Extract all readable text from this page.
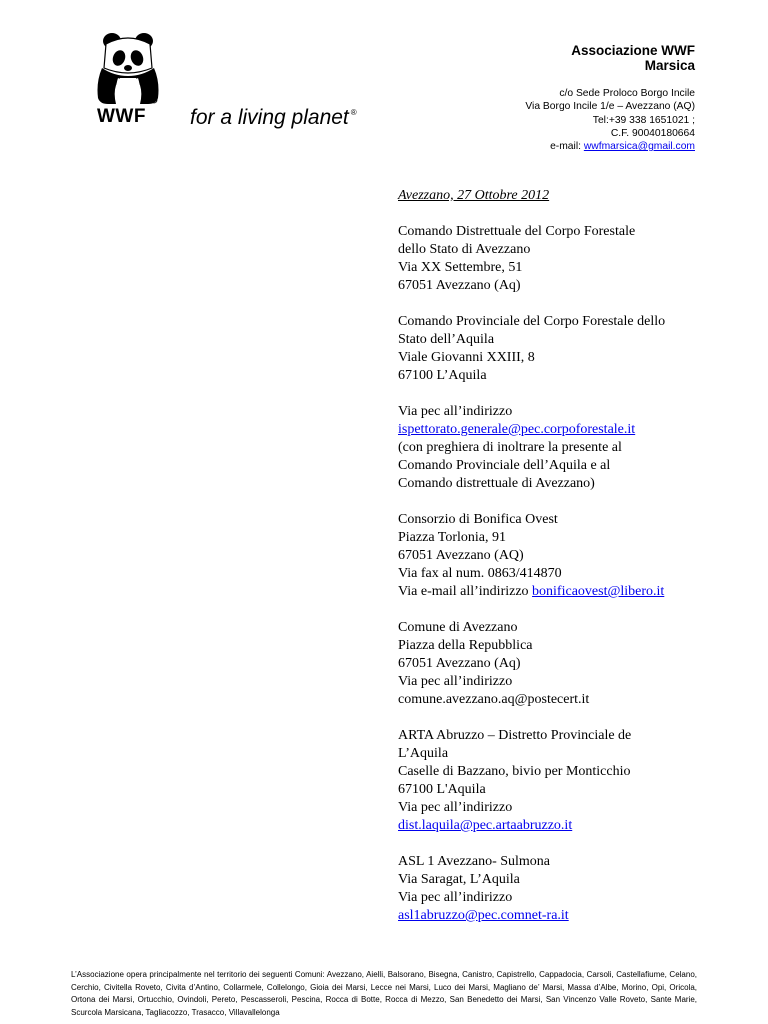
WWF for a living planet ®
Associazione WWF
Marsica
c/o Sede Proloco Borgo Incile
Via Borgo Incile 1/e – Avezzano (AQ)
Tel:+39 338 1651021 ;
C.F. 90040180664
e-mail: wwfmarsica@gmail.com
Avezzano, 27 Ottobre 2012
Comando Distrettuale del Corpo Forestale
dello Stato di Avezzano
Via XX Settembre, 51
67051 Avezzano (Aq)
Comando Provinciale del Corpo Forestale dello
Stato dell’Aquila
Viale Giovanni XXIII, 8
67100 L’Aquila
Via pec all’indirizzo
ispettorato.generale@pec.corpoforestale.it
(con preghiera di inoltrare la presente al
Comando Provinciale dell’Aquila e al
Comando distrettuale di Avezzano)
Consorzio di Bonifica Ovest
Piazza Torlonia, 91
67051 Avezzano (AQ)
Via fax al num. 0863/414870
Via e-mail all’indirizzo bonificaovest@libero.it
Comune di Avezzano
Piazza della Repubblica
67051 Avezzano (Aq)
Via pec all’indirizzo
comune.avezzano.aq@postecert.it
ARTA Abruzzo – Distretto Provinciale de
L’Aquila
Caselle di Bazzano, bivio per Monticchio
67100 L'Aquila
Via pec all’indirizzo
dist.laquila@pec.artaabruzzo.it
ASL 1 Avezzano- Sulmona
Via Saragat, L’Aquila
Via pec all’indirizzo
asl1abruzzo@pec.comnet-ra.it
L’Associazione opera principalmente nel territorio dei seguenti Comuni: Avezzano, Aielli, Balsorano, Bisegna, Canistro, Capistrello, Cappadocia, Carsoli, Castellafiume, Celano, Cerchio, Civitella Roveto, Civita d’Antino, Collarmele, Collelongo, Gioia dei Marsi, Lecce nei Marsi, Luco dei Marsi, Magliano de’ Marsi, Massa d’Albe, Morino, Opi, Oricola, Ortona dei Marsi, Ortucchio, Ovindoli, Pereto, Pescasseroli, Pescina, Rocca di Botte, Rocca di Mezzo, San Benedetto dei Marsi, San Vincenzo Valle Roveto, Sante Marie, Scurcola Marsicana, Tagliacozzo, Trasacco, Villavallelonga
